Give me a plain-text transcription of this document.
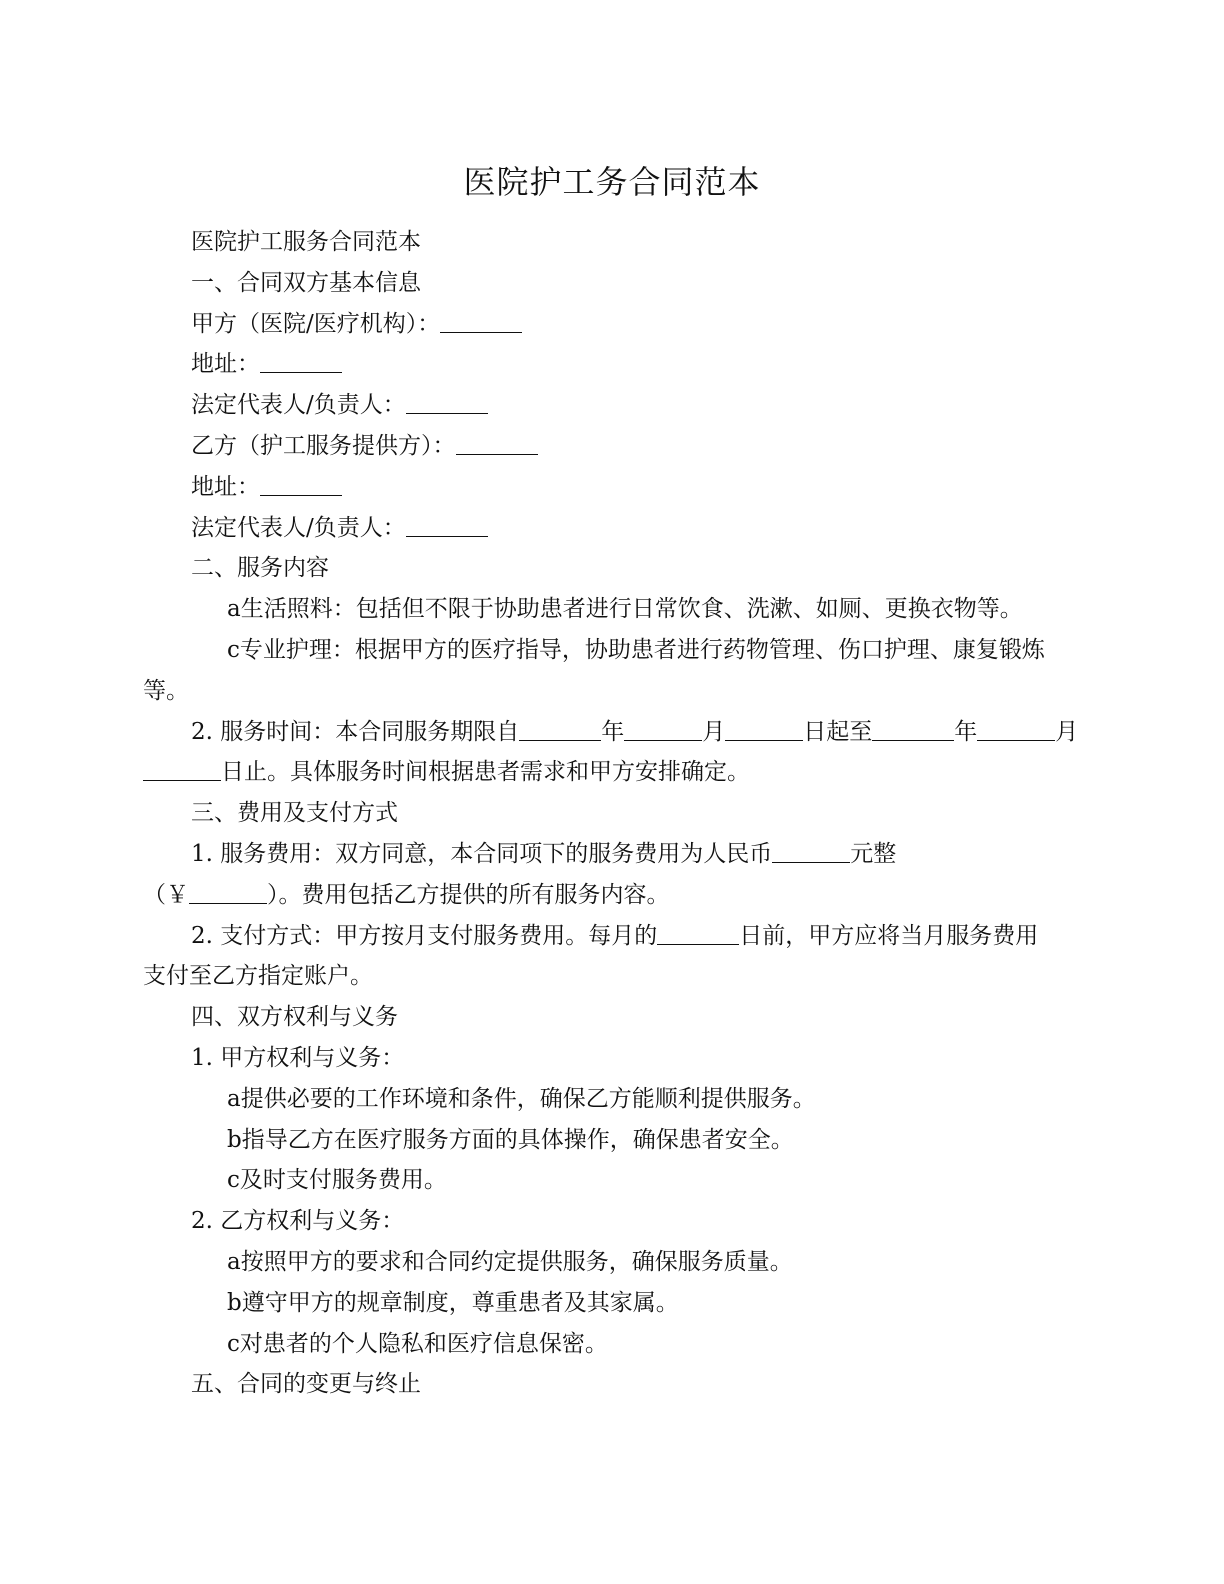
医院护工务合同范本

医院护工服务合同范本

一、合同双方基本信息

甲方（医院/医疗机构）：

地址：

法定代表人/负责人：

乙方（护工服务提供方）：

地址：

法定代表人/负责人：

二、服务内容

a生活照料：包括但不限于协助患者进行日常饮食、洗漱、如厕、更换衣物等。

c专业护理：根据甲方的医疗指导，协助患者进行药物管理、伤口护理、康复锻炼

等。

2. 服务时间：本合同服务期限自	年	月	日起至	年	月

日止。具体服务时间根据患者需求和甲方安排确定。

三、费用及支付方式

1. 服务费用：双方同意，本合同项下的服务费用为人民币	元整

（￥	）。费用包括乙方提供的所有服务内容。

2. 支付方式：甲方按月支付服务费用。每月的	日前，甲方应将当月服务费用

支付至乙方指定账户。

四、双方权利与义务

1. 甲方权利与义务：

a提供必要的工作环境和条件，确保乙方能顺利提供服务。

b指导乙方在医疗服务方面的具体操作，确保患者安全。

c及时支付服务费用。

2. 乙方权利与义务：

a按照甲方的要求和合同约定提供服务，确保服务质量。

b遵守甲方的规章制度，尊重患者及其家属。

c对患者的个人隐私和医疗信息保密。

五、合同的变更与终止
